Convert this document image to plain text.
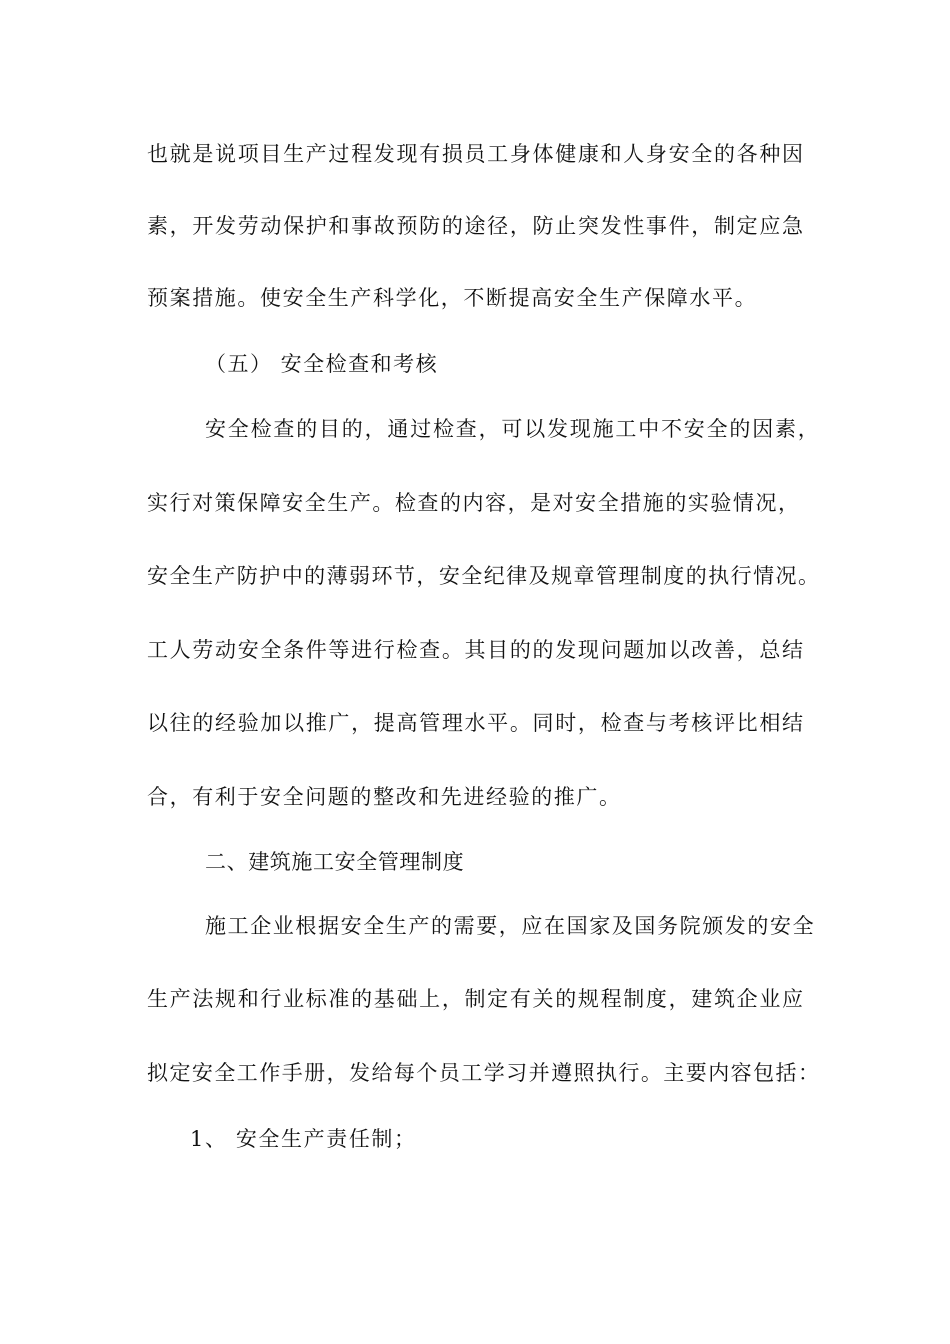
也就是说项目生产过程发现有损员工身体健康和人身安全的各种因

素，开发劳动保护和事故预防的途径，防止突发性事件，制定应急

预案措施。使安全生产科学化，不断提高安全生产保障水平。

（五） 安全检查和考核

安全检查的目的，通过检查，可以发现施工中不安全的因素，

实行对策保障安全生产。检查的内容，是对安全措施的实验情况，

安全生产防护中的薄弱环节，安全纪律及规章管理制度的执行情况。

工人劳动安全条件等进行检查。其目的的发现问题加以改善，总结

以往的经验加以推广，提高管理水平。同时，检查与考核评比相结

合，有利于安全问题的整改和先进经验的推广。

二、建筑施工安全管理制度

施工企业根据安全生产的需要，应在国家及国务院颁发的安全

生产法规和行业标准的基础上，制定有关的规程制度，建筑企业应

拟定安全工作手册，发给每个员工学习并遵照执行。主要内容包括：

1、 安全生产责任制；
